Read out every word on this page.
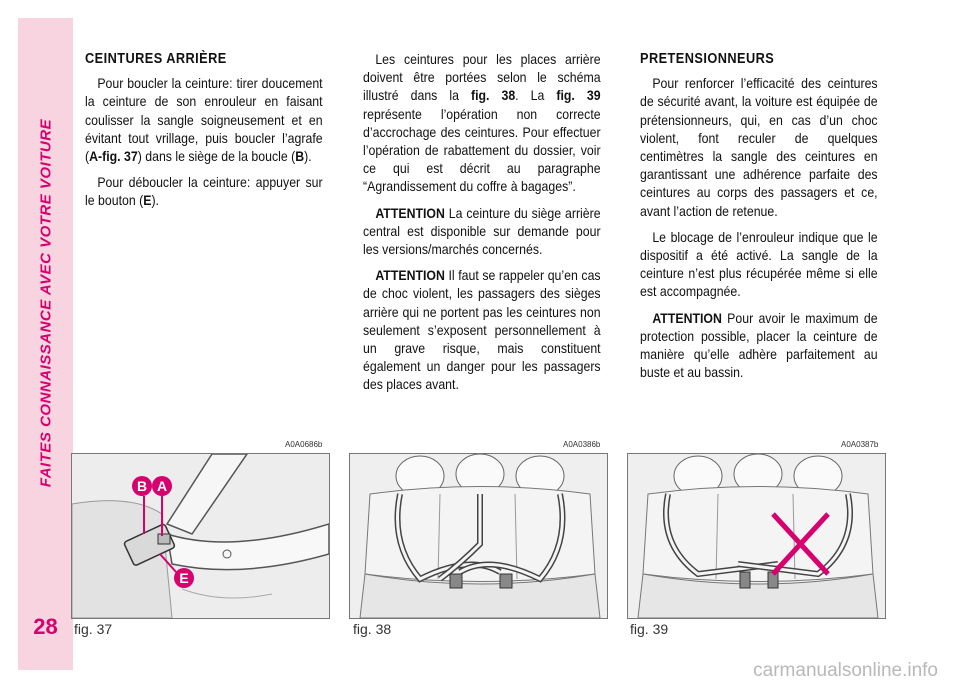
FAITES CONNAISSANCE AVEC VOTRE VOITURE
28
CEINTURES ARRIÈRE

Pour boucler la ceinture: tirer doucement la ceinture de son enrouleur en faisant coulisser la sangle soigneusement et en évitant tout vrillage, puis boucler l’agrafe (A-fig. 37) dans le siège de la boucle (B).

Pour déboucler la ceinture: appuyer sur le bouton (E).

Les ceintures pour les places arrière doivent être portées selon le schéma illustré dans la fig. 38. La fig. 39 représente l’opération non correcte d’accrochage des ceintures. Pour effectuer l’opération de rabattement du dossier, voir ce qui est décrit au paragraphe “Agrandissement du coffre à bagages”.

ATTENTION La ceinture du siège arrière central est disponible sur demande pour les versions/marchés concernés.

ATTENTION Il faut se rappeler qu’en cas de choc violent, les passagers des sièges arrière qui ne portent pas les ceintures non seulement s’exposent personnellement à un grave risque, mais constituent également un danger pour les passagers des places avant.

PRETENSIONNEURS

Pour renforcer l’efficacité des ceintures de sécurité avant, la voiture est équipée de prétensionneurs, qui, en cas d’un choc violent, font reculer de quelques centimètres la sangle des ceintures en garantissant une adhérence parfaite des ceintures au corps des passagers et ce, avant l’action de retenue.

Le blocage de l’enrouleur indique que le dispositif a été activé. La sangle de la ceinture n’est plus récupérée même si elle est accompagnée.

ATTENTION Pour avoir le maximum de protection possible, placer la ceinture de manière qu’elle adhère parfaitement au buste et au bassin.

A0A0686b	A0A0386b	A0A0387b
B A
E
fig. 37	fig. 38	fig. 39
carmanualsonline.info
